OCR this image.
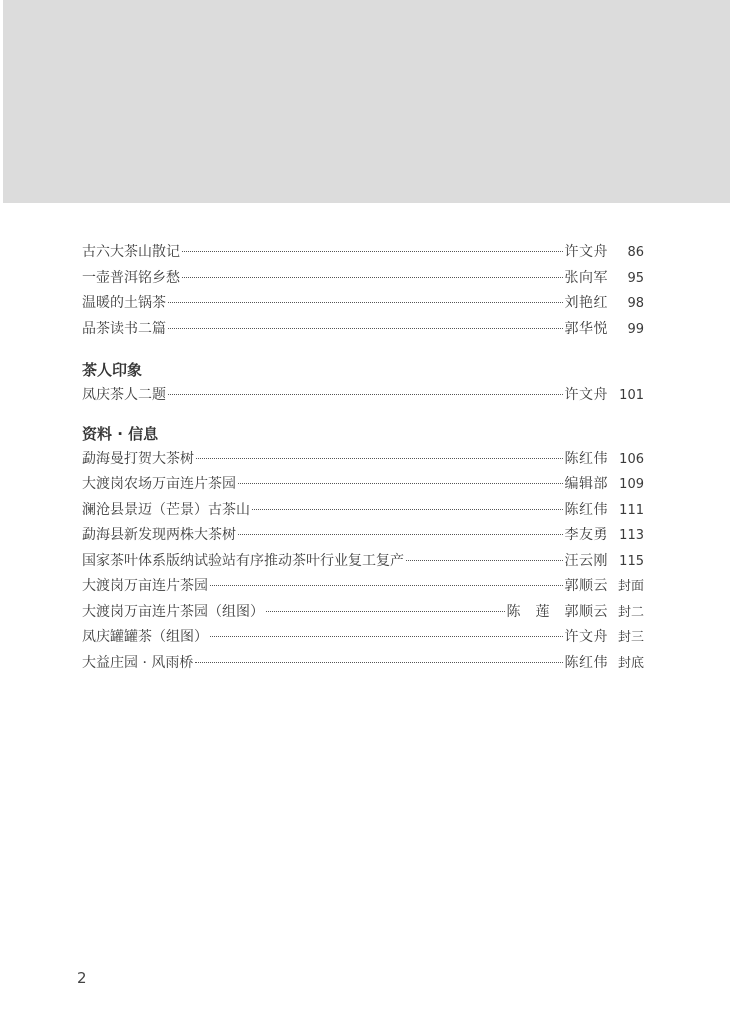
古六大茶山散记	许文舟	86
一壶普洱铭乡愁	张向军	95
温暖的土锅茶	刘艳红	98
品茶读书二篇	郭华悦	99
茶人印象
凤庆茶人二题	许文舟 101
资料 · 信息
勐海曼打贺大茶树	陈红伟 106
大渡岗农场万亩连片茶园	编辑部 109
澜沧县景迈（芒景）古茶山	陈红伟 111
勐海县新发现两株大茶树	李友勇 113
国家茶叶体系版纳试验站有序推动茶叶行业复工复产	汪云刚 115
大渡岗万亩连片茶园	郭顺云 封面
大渡岗万亩连片茶园（组图）	陈　莲　郭顺云 封二
凤庆罐罐茶（组图）	许文舟 封三
大益庄园 · 风雨桥	陈红伟 封底
2
